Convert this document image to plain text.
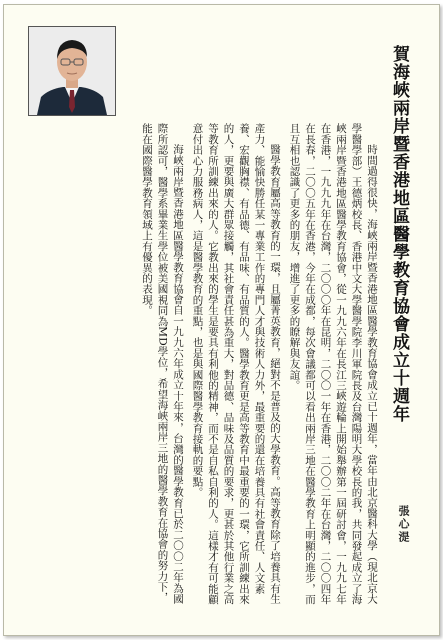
賀海峽兩岸暨香港地區醫學教育協會成立十週年
張心湜

時間過得很快，海峽兩岸暨香港地區醫學教育協會成立已十週年，當年由北京醫科大學（現北京大學醫學部）王德炳校長、香港中文大學醫學院李川軍院長及台灣陽明大學校長的我，共同發起成立了海峽兩岸暨香港地區醫學教育協會，從一九九六年在長江三峽遊輪上開始舉辦第一屆研討會，一九九七年在香港，一九九九年在台灣，二〇〇〇年在昆明，二〇〇一年在香港，二〇〇二年在台灣，二〇〇四年在長春，二〇〇五年在香港，今年在成都，每次會議都可以看出兩岸三地在醫學教育上明顯的進步，而且互相也認識了更多的朋友，增進了更多的瞭解與友誼。

醫學教育屬高等教育的一環，且屬菁英教育，絕對不是普及的大學教育。高等教育除了培養具有生產力、能愉快勝任某一專業工作的專門人才與技術人力外，最重要的還在培養具有社會責任、人文素養、宏觀胸襟、有品德、有品味、有品質的人。醫學教育更是高等教育中最重要的一環，它所訓練出來的人，更要與廣大群眾接觸，其社會責任甚為重大，對品德、品味及品質的要求，更甚於其他行業之高等教育所訓練出來的人。它教出來的學生是要具有利他的精神，而不是自私自利的人。這樣才有可能顧意付出心力服務病人，這是醫學教育的重點，也是與國際醫學教育接軌的要點。

海峽兩岸暨香港地區醫學教育協會自一九九六年成立十年來，台灣的醫學教育已於二〇〇二年為國際所認可，醫學系畢業生學位被美國視同為MD學位，希望海峽兩岸三地的醫學教育在協會的努力下，能在國際醫學教育領域上有優異的表現。
